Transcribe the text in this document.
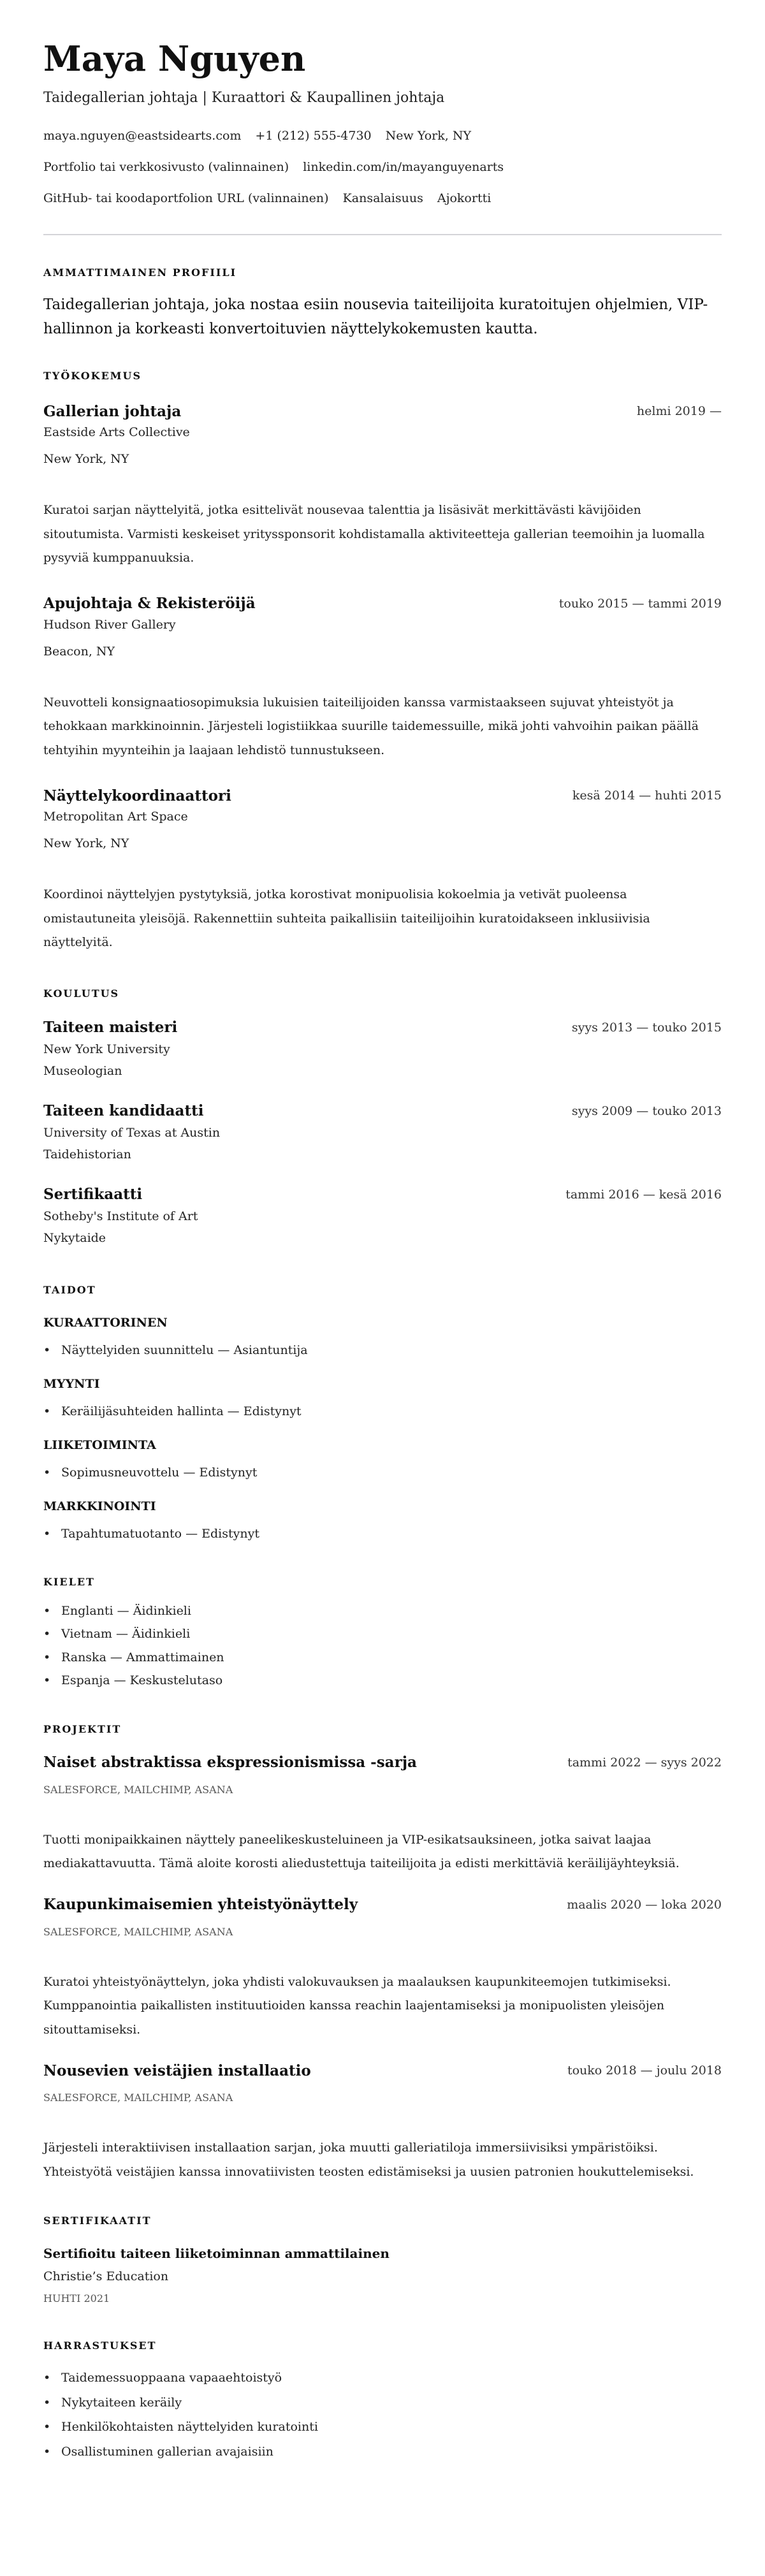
Maya Nguyen
Taidegallerian johtaja | Kuraattori & Kaupallinen johtaja
maya.nguyen@eastsidearts.com +1 (212) 555-4730 New York, NY
Portfolio tai verkkosivusto (valinnainen) linkedin.com/in/mayanguyenarts
GitHub- tai koodaportfolion URL (valinnainen) Kansalaisuus Ajokortti
AMMATTIMAINEN PROFIILI

Taidegallerian johtaja, joka nostaa esiin nousevia taiteilijoita kuratoitujen ohjelmien, VIP-hallinnon ja korkeasti konvertoituvien näyttelykokemusten kautta.

TYÖKOKEMUS
Gallerian johtaja	helmi 2019 —
Eastside Arts Collective
New York, NY
Kuratoi sarjan näyttelyitä, jotka esittelivät nousevaa talenttia ja lisäsivät merkittävästi kävijöiden sitoutumista. Varmisti keskeiset yrityssponsorit kohdistamalla aktiviteetteja gallerian teemoihin ja luomalla pysyviä kumppanuuksia.
Apujohtaja & Rekisteröijä	touko 2015 — tammi 2019
Hudson River Gallery
Beacon, NY
Neuvotteli konsignaatiosopimuksia lukuisien taiteilijoiden kanssa varmistaakseen sujuvat yhteistyöt ja tehokkaan markkinoinnin. Järjesteli logistiikkaa suurille taidemessuille, mikä johti vahvoihin paikan päällä tehtyihin myynteihin ja laajaan lehdistö tunnustukseen.
Näyttelykoordinaattori	kesä 2014 — huhti 2015
Metropolitan Art Space
New York, NY
Koordinoi näyttelyjen pystytyksiä, jotka korostivat monipuolisia kokoelmia ja vetivät puoleensa omistautuneita yleisöjä. Rakennettiin suhteita paikallisiin taiteilijoihin kuratoidakseen inklusiivisia näyttelyitä.
KOULUTUS
Taiteen maisteri	syys 2013 — touko 2015
New York University
Museologian
Taiteen kandidaatti	syys 2009 — touko 2013
University of Texas at Austin
Taidehistorian
Sertifikaatti	tammi 2016 — kesä 2016
Sotheby's Institute of Art
Nykytaide
TAIDOT
KURAATTORINEN
• Näyttelyiden suunnittelu — Asiantuntija
MYYNTI
• Keräilijäsuhteiden hallinta — Edistynyt
LIIKETOIMINTA
• Sopimusneuvottelu — Edistynyt
MARKKINOINTI
• Tapahtumatuotanto — Edistynyt
KIELET
• Englanti — Äidinkieli
• Vietnam — Äidinkieli
• Ranska — Ammattimainen
• Espanja — Keskustelutaso
PROJEKTIT
Naiset abstraktissa ekspressionismissa -sarja	tammi 2022 — syys 2022
SALESFORCE, MAILCHIMP, ASANA
Tuotti monipaikkainen näyttely paneelikeskusteluineen ja VIP-esikatsauksineen, jotka saivat laajaa mediakattavuutta. Tämä aloite korosti aliedustettuja taiteilijoita ja edisti merkittäviä keräilijäyhteyksiä.
Kaupunkimaisemien yhteistyönäyttely	maalis 2020 — loka 2020
SALESFORCE, MAILCHIMP, ASANA
Kuratoi yhteistyönäyttelyn, joka yhdisti valokuvauksen ja maalauksen kaupunkiteemojen tutkimiseksi. Kumppanointia paikallisten instituutioiden kanssa reachin laajentamiseksi ja monipuolisten yleisöjen sitouttamiseksi.
Nousevien veistäjien installaatio	touko 2018 — joulu 2018
SALESFORCE, MAILCHIMP, ASANA
Järjesteli interaktiivisen installaation sarjan, joka muutti galleriatiloja immersiivisiksi ympäristöiksi. Yhteistyötä veistäjien kanssa innovatiivisten teosten edistämiseksi ja uusien patronien houkuttelemiseksi.
SERTIFIKAATIT
Sertifioitu taiteen liiketoiminnan ammattilainen
Christie’s Education
HUHTI 2021
HARRASTUKSET
• Taidemessuoppaana vapaaehtoistyö
• Nykytaiteen keräily
• Henkilökohtaisten näyttelyiden kuratointi
• Osallistuminen gallerian avajaisiin
